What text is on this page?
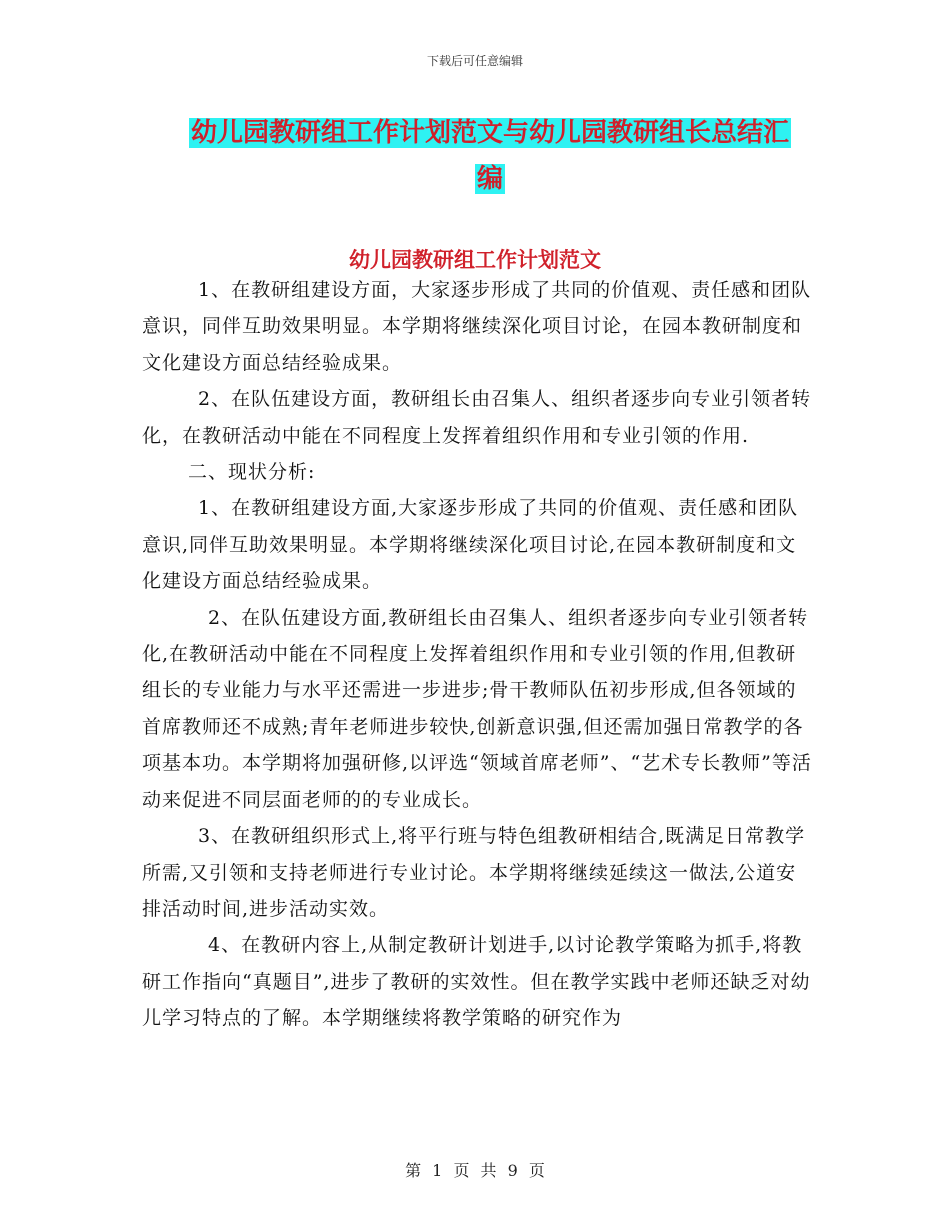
下载后可任意编辑
幼儿园教研组工作计划范文与幼儿园教研组长总结汇
编
幼儿园教研组工作计划范文

1、在教研组建设方面，大家逐步形成了共同的价值观、责任感和团队意识，同伴互助效果明显。本学期将继续深化项目讨论，在园本教研制度和文化建设方面总结经验成果。

2、在队伍建设方面，教研组长由召集人、组织者逐步向专业引领者转化，在教研活动中能在不同程度上发挥着组织作用和专业引领的作用.

二、现状分析:

1、在教研组建设方面,大家逐步形成了共同的价值观、责任感和团队意识,同伴互助效果明显。本学期将继续深化项目讨论,在园本教研制度和文化建设方面总结经验成果。

2、在队伍建设方面,教研组长由召集人、组织者逐步向专业引领者转化,在教研活动中能在不同程度上发挥着组织作用和专业引领的作用,但教研组长的专业能力与水平还需进一步进步;骨干教师队伍初步形成,但各领域的首席教师还不成熟;青年老师进步较快,创新意识强,但还需加强日常教学的各项基本功。本学期将加强研修,以评选“领域首席老师”、“艺术专长教师”等活动来促进不同层面老师的的专业成长。

3、在教研组织形式上,将平行班与特色组教研相结合,既满足日常教学所需,又引领和支持老师进行专业讨论。本学期将继续延续这一做法,公道安排活动时间,进步活动实效。

4、在教研内容上,从制定教研计划进手,以讨论教学策略为抓手,将教研工作指向“真题目”,进步了教研的实效性。但在教学实践中老师还缺乏对幼儿学习特点的了解。本学期继续将教学策略的研究作为

第 1 页 共 9 页
